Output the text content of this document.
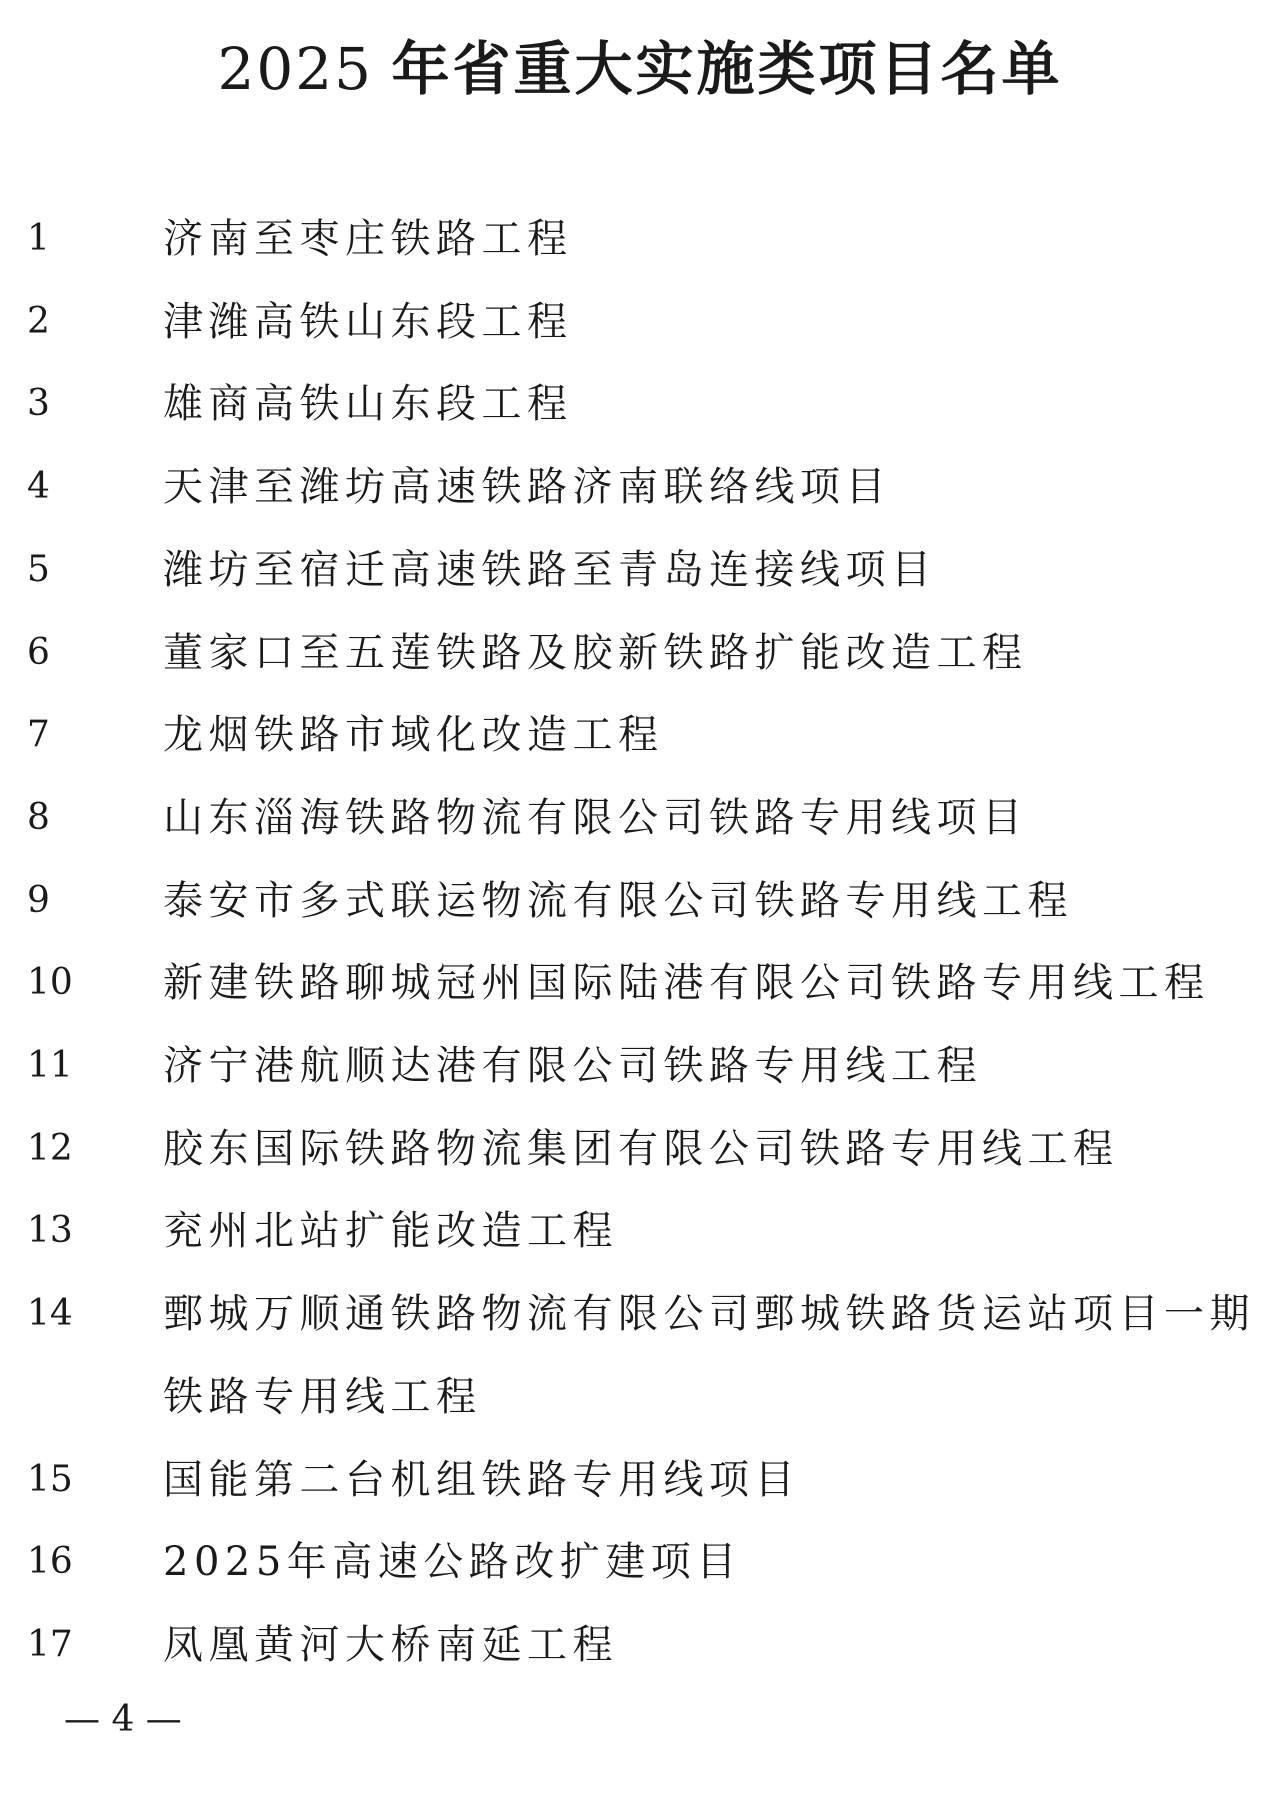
2025 年省重大实施类项目名单
1	济南至枣庄铁路工程
2	津潍高铁山东段工程
3	雄商高铁山东段工程
4	天津至潍坊高速铁路济南联络线项目
5	潍坊至宿迁高速铁路至青岛连接线项目
6	董家口至五莲铁路及胶新铁路扩能改造工程
7	龙烟铁路市域化改造工程
8	山东淄海铁路物流有限公司铁路专用线项目
9	泰安市多式联运物流有限公司铁路专用线工程
10 新建铁路聊城冠州国际陆港有限公司铁路专用线工程
11 济宁港航顺达港有限公司铁路专用线工程
12 胶东国际铁路物流集团有限公司铁路专用线工程
13 兖州北站扩能改造工程
14 鄄城万顺通铁路物流有限公司鄄城铁路货运站项目一期铁路专用线工程
15 国能第二台机组铁路专用线项目
16 2025年高速公路改扩建项目
17 凤凰黄河大桥南延工程
— 4 —
